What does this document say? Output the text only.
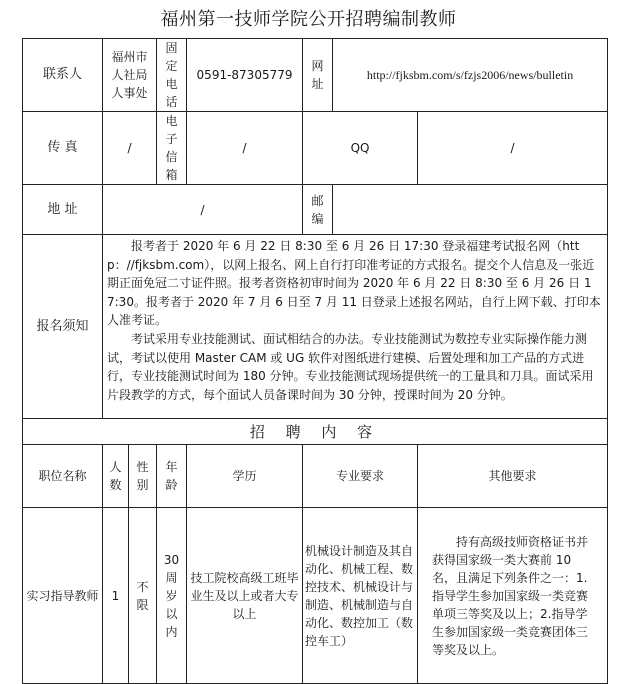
福州第一技师学院公开招聘编制教师
联系人	福州市人社局人事处		固定电话	0591-87305779	网址	http://fjksbm.com/s/fzjs2006/news/bulletin	
传 真	/		电子信箱	/	QQ		/
地 址	/				邮编		
报名须知	报考者于 2020 年 6 月 22 日 8:30 至 6 月 26 日 17:30 登录福建考试报名网（http：//fjksbm.com），以网上报名、网上自行打印准考证的方式报名。提交个人信息及一张近期正面免冠二寸证件照。报考者资格初审时间为 2020 年 6 月 22 日 8:30 至 6 月 26 日 17:30。报考者于 2020 年 7 月 6 日至 7 月 11 日登录上述报名网站，自行上网下载、打印本人准考证。

考试采用专业技能测试、面试相结合的办法。专业技能测试为数控专业实际操作能力测试，考试以使用 Master CAM 或 UG 软件对图纸进行建模、后置处理和加工产品的方式进行，专业技能测试时间为 180 分钟。专业技能测试现场提供统一的工量具和刀具。面试采用片段教学的方式，每个面试人员备课时间为 30 分钟，授课时间为 20 分钟。						

招 聘 内 容							
职位名称	人数	性别	年龄	学历	专业要求		其他要求
实习指导教师	1	不限	30周岁以内	技工院校高级工班毕业生及以上或者大专以上	机械设计制造及其自动化、机械工程、数控技术、机械设计与制造、机械制造与自动化、数控加工（数控车工）		持有高级技师资格证书并获得国家级一类大赛前 10 名，且满足下列条件之一：1.指导学生参加国家级一类竞赛单项三等奖及以上；2.指导学生参加国家级一类竞赛团体三等奖及以上。
